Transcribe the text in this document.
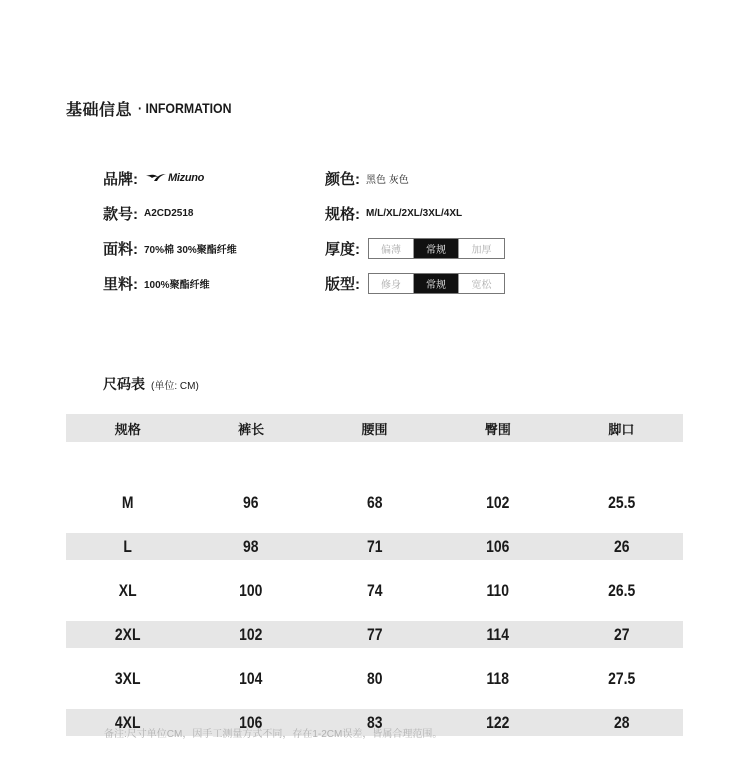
基础信息 · INFORMATION
品牌:	Mizuno
款号: A2CD2518
面料: 70%棉 30%聚酯纤维
里料: 100%聚酯纤维
颜色: 黑色 灰色
规格: M/L/XL/2XL/3XL/4XL
厚度:	偏薄	常规	加厚
版型:	修身	常规	宽松
尺码表 (单位: CM)
规格	裤长	腰围	臀围	脚口
M	96	68	102	25.5
L	98	71	106	26
XL	100	74	110	26.5
2XL	102	77	114	27
3XL	104	80	118	27.5
4XL	106	83	122	28
备注:尺寸单位CM，因手工测量方式不同，存在1-2CM误差，皆属合理范围。
